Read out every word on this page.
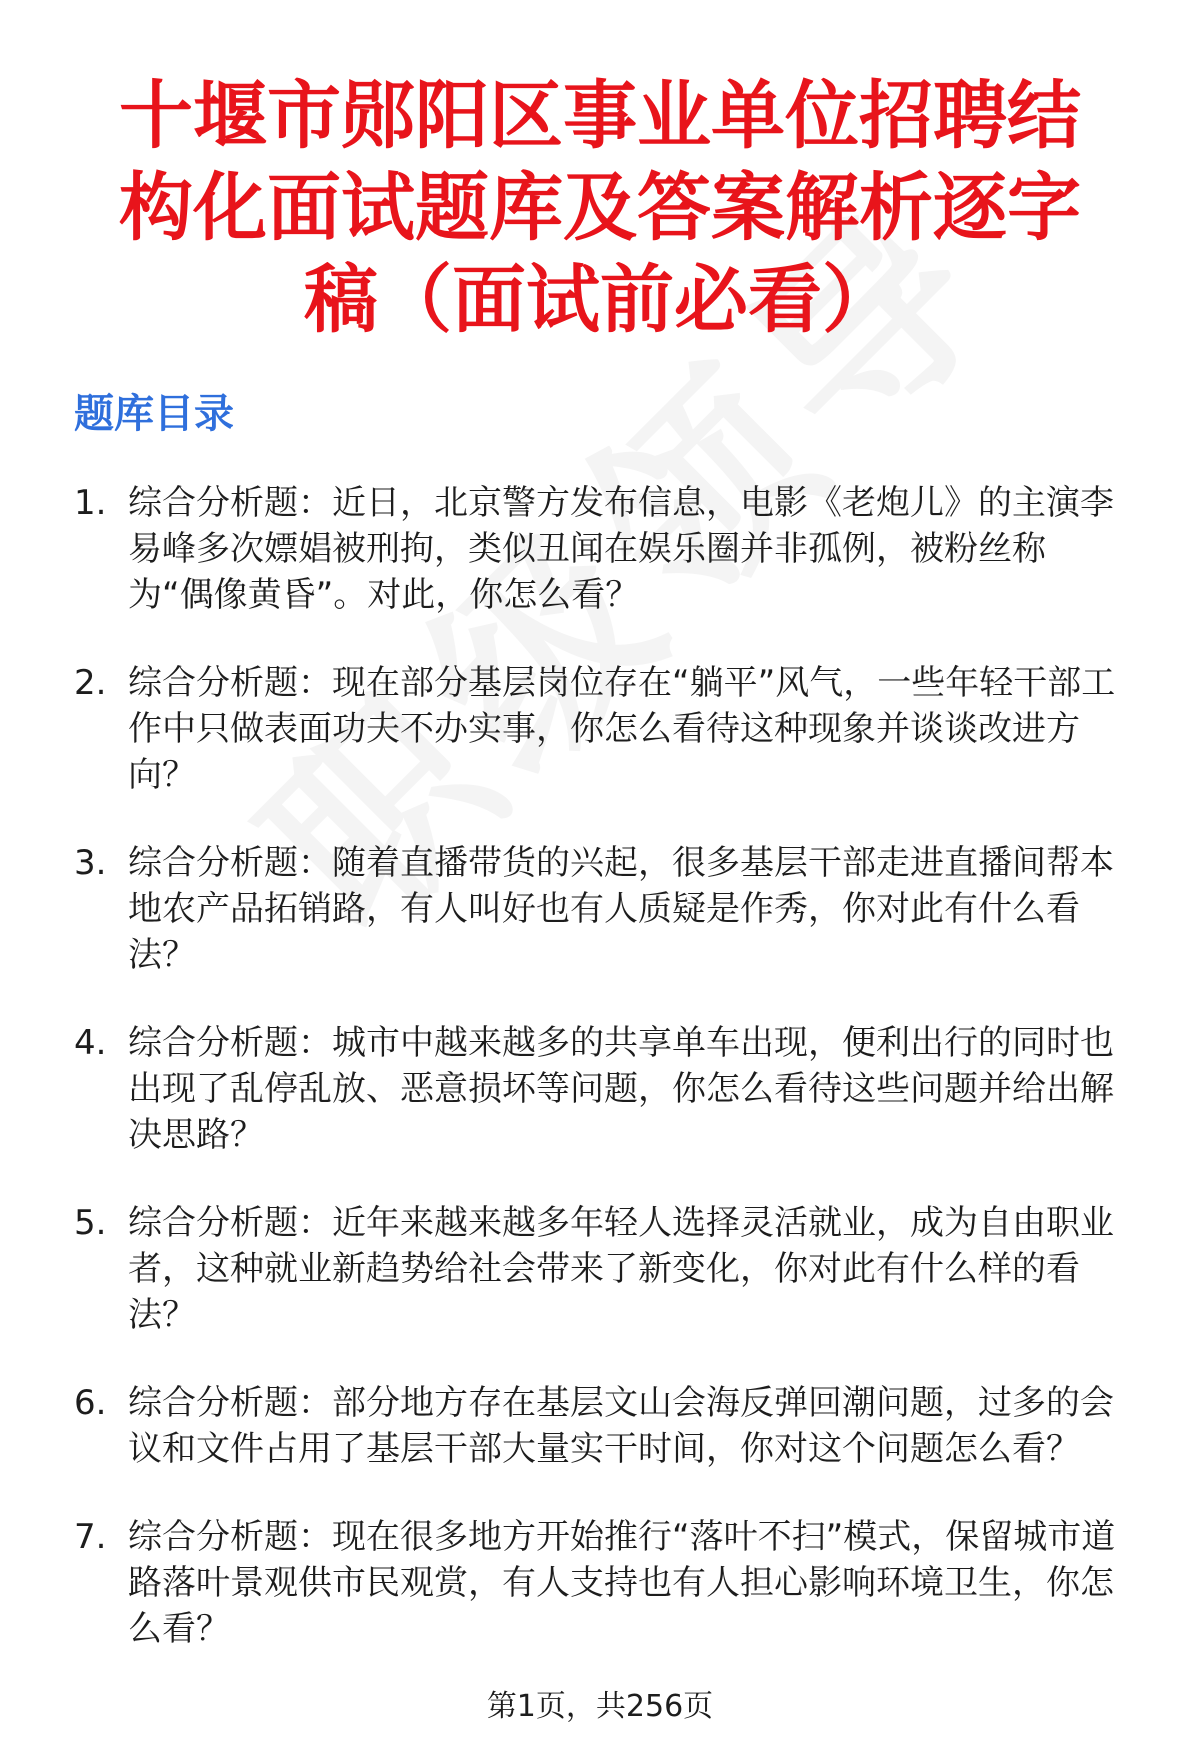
十堰市郧阳区事业单位招聘结构化面试题库及答案解析逐字稿（面试前必看）
题库目录
1. 综合分析题：近日，北京警方发布信息，电影《老炮儿》的主演李易峰多次嫖娼被刑拘，类似丑闻在娱乐圈并非孤例，被粉丝称为“偶像黄昏”。对此，你怎么看？
2. 综合分析题：现在部分基层岗位存在“躺平”风气，一些年轻干部工作中只做表面功夫不办实事，你怎么看待这种现象并谈谈改进方向？
3. 综合分析题：随着直播带货的兴起，很多基层干部走进直播间帮本地农产品拓销路，有人叫好也有人质疑是作秀，你对此有什么看法？
4. 综合分析题：城市中越来越多的共享单车出现，便利出行的同时也出现了乱停乱放、恶意损坏等问题，你怎么看待这些问题并给出解决思路？
5. 综合分析题：近年来越来越多年轻人选择灵活就业，成为自由职业者，这种就业新趋势给社会带来了新变化，你对此有什么样的看法？
6. 综合分析题：部分地方存在基层文山会海反弹回潮问题，过多的会议和文件占用了基层干部大量实干时间，你对这个问题怎么看？
7. 综合分析题：现在很多地方开始推行“落叶不扫”模式，保留城市道路落叶景观供市民观赏，有人支持也有人担心影响环境卫生，你怎么看？
第1页，共256页
